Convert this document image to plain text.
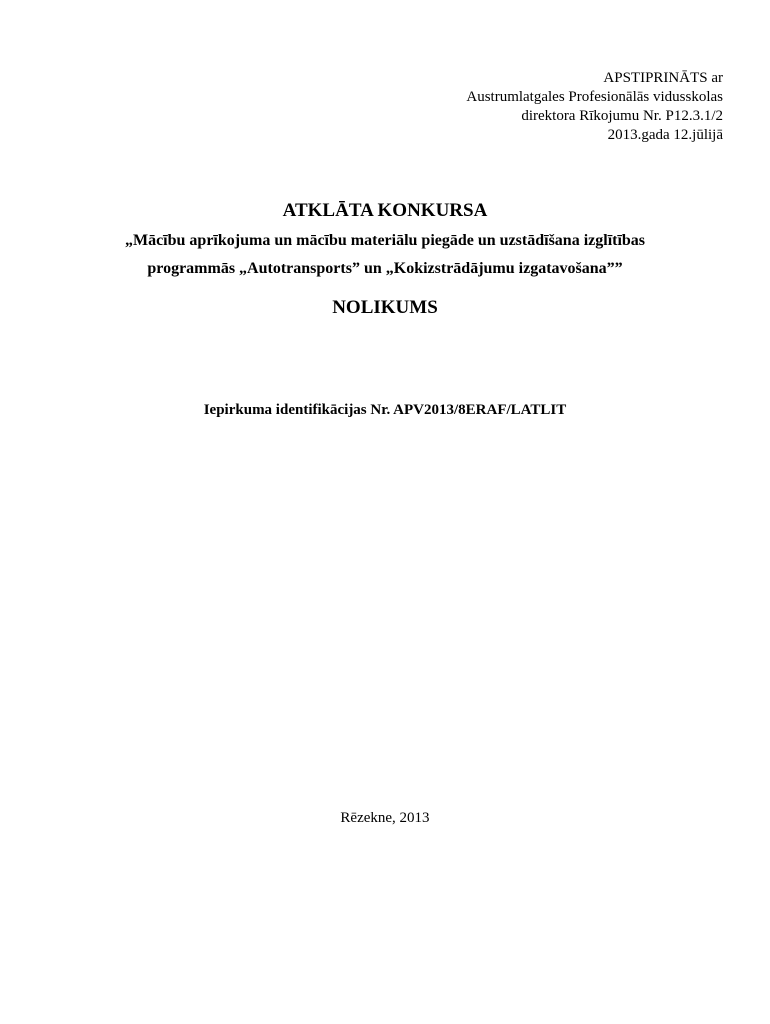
APSTIPRINĀTS ar
Austrumlatgales Profesionālās vidusskolas
direktora Rīkojumu Nr. P12.3.1/2
2013.gada 12.jūlijā
ATKLĀTA KONKURSA
„Mācību aprīkojuma un mācību materiālu piegāde un uzstādīšana izglītības
programmās „Autotransports” un „Kokizstrādājumu izgatavošana””
NOLIKUMS
Iepirkuma identifikācijas Nr. APV2013/8ERAF/LATLIT
Rēzekne, 2013
